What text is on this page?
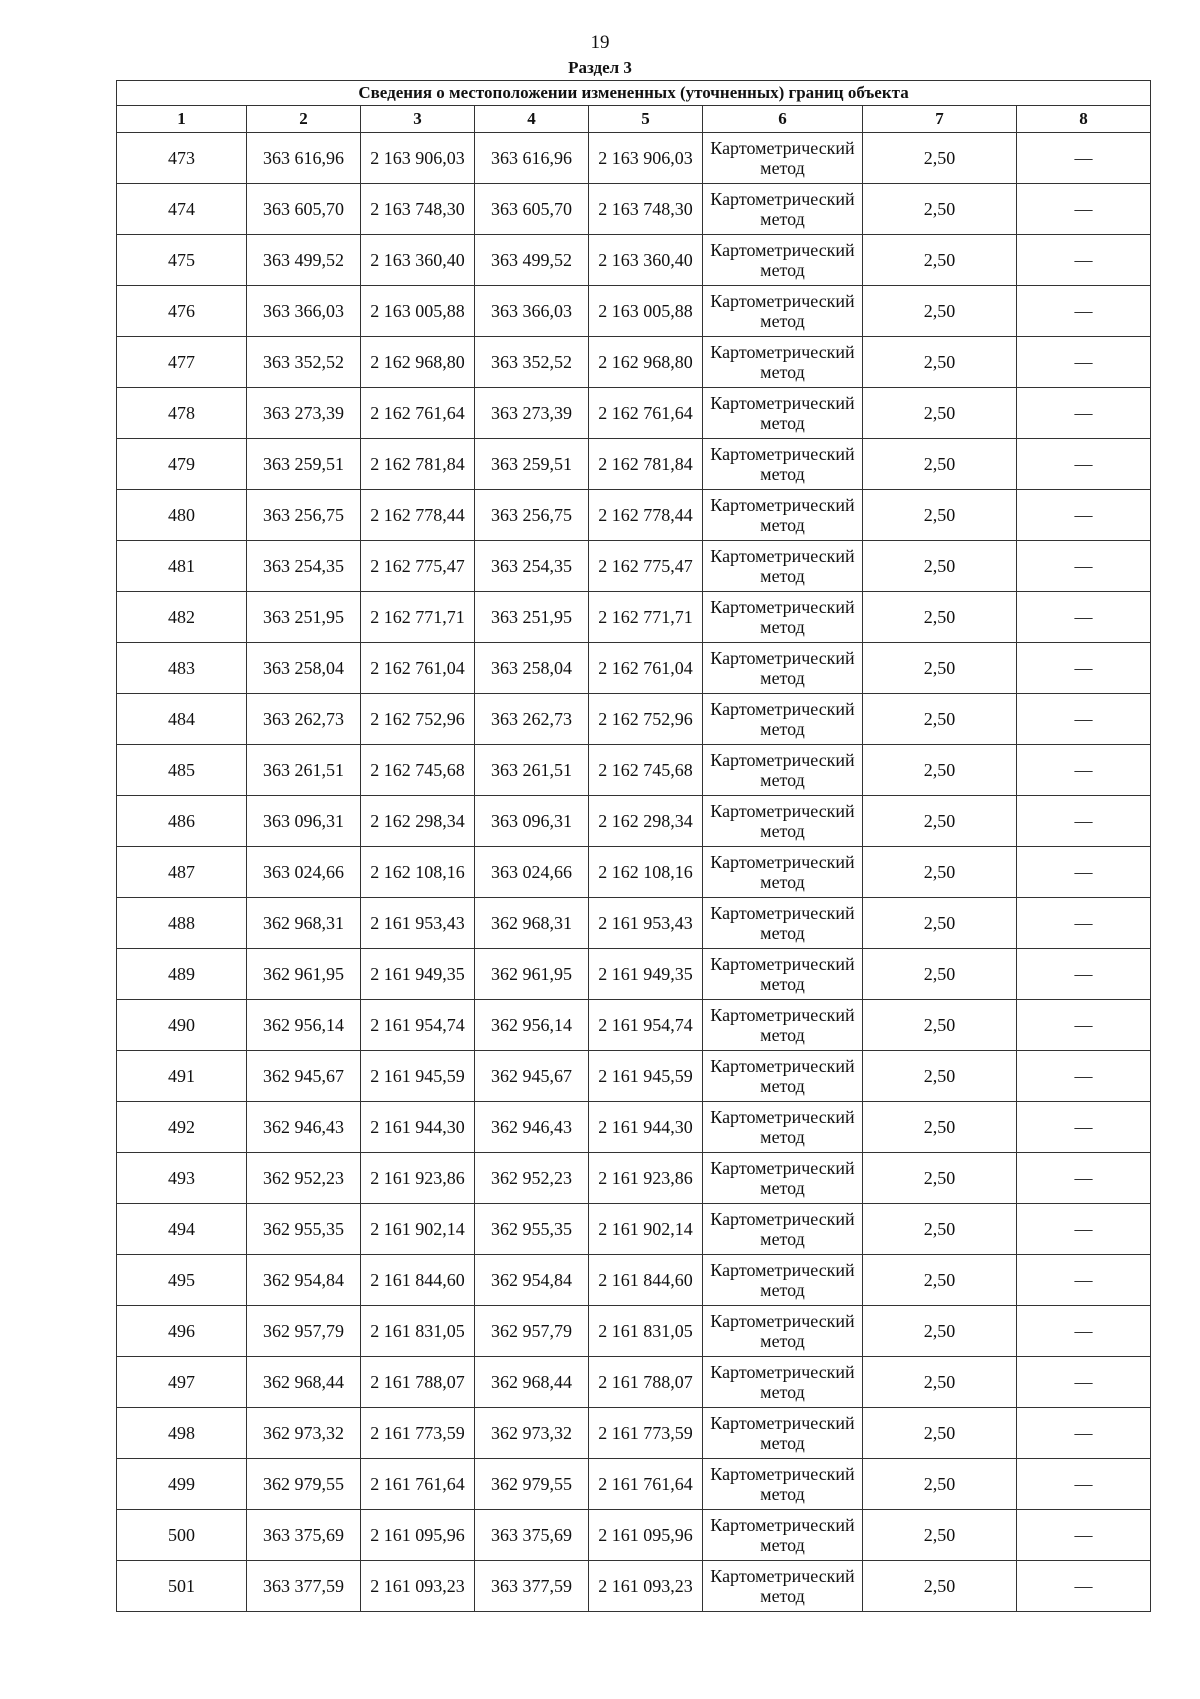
19
Раздел 3
Сведения о местоположении измененных (уточненных) границ объекта							
1	2	3	4	5	6	7	8
473	363 616,96	2 163 906,03	363 616,96	2 163 906,03	Картометрический метод	2,50	—
474	363 605,70	2 163 748,30	363 605,70	2 163 748,30	Картометрический метод	2,50	—
475	363 499,52	2 163 360,40	363 499,52	2 163 360,40	Картометрический метод	2,50	—
476	363 366,03	2 163 005,88	363 366,03	2 163 005,88	Картометрический метод	2,50	—
477	363 352,52	2 162 968,80	363 352,52	2 162 968,80	Картометрический метод	2,50	—
478	363 273,39	2 162 761,64	363 273,39	2 162 761,64	Картометрический метод	2,50	—
479	363 259,51	2 162 781,84	363 259,51	2 162 781,84	Картометрический метод	2,50	—
480	363 256,75	2 162 778,44	363 256,75	2 162 778,44	Картометрический метод	2,50	—
481	363 254,35	2 162 775,47	363 254,35	2 162 775,47	Картометрический метод	2,50	—
482	363 251,95	2 162 771,71	363 251,95	2 162 771,71	Картометрический метод	2,50	—
483	363 258,04	2 162 761,04	363 258,04	2 162 761,04	Картометрический метод	2,50	—
484	363 262,73	2 162 752,96	363 262,73	2 162 752,96	Картометрический метод	2,50	—
485	363 261,51	2 162 745,68	363 261,51	2 162 745,68	Картометрический метод	2,50	—
486	363 096,31	2 162 298,34	363 096,31	2 162 298,34	Картометрический метод	2,50	—
487	363 024,66	2 162 108,16	363 024,66	2 162 108,16	Картометрический метод	2,50	—
488	362 968,31	2 161 953,43	362 968,31	2 161 953,43	Картометрический метод	2,50	—
489	362 961,95	2 161 949,35	362 961,95	2 161 949,35	Картометрический метод	2,50	—
490	362 956,14	2 161 954,74	362 956,14	2 161 954,74	Картометрический метод	2,50	—
491	362 945,67	2 161 945,59	362 945,67	2 161 945,59	Картометрический метод	2,50	—
492	362 946,43	2 161 944,30	362 946,43	2 161 944,30	Картометрический метод	2,50	—
493	362 952,23	2 161 923,86	362 952,23	2 161 923,86	Картометрический метод	2,50	—
494	362 955,35	2 161 902,14	362 955,35	2 161 902,14	Картометрический метод	2,50	—
495	362 954,84	2 161 844,60	362 954,84	2 161 844,60	Картометрический метод	2,50	—
496	362 957,79	2 161 831,05	362 957,79	2 161 831,05	Картометрический метод	2,50	—
497	362 968,44	2 161 788,07	362 968,44	2 161 788,07	Картометрический метод	2,50	—
498	362 973,32	2 161 773,59	362 973,32	2 161 773,59	Картометрический метод	2,50	—
499	362 979,55	2 161 761,64	362 979,55	2 161 761,64	Картометрический метод	2,50	—
500	363 375,69	2 161 095,96	363 375,69	2 161 095,96	Картометрический метод	2,50	—
501	363 377,59	2 161 093,23	363 377,59	2 161 093,23	Картометрический метод	2,50	—
